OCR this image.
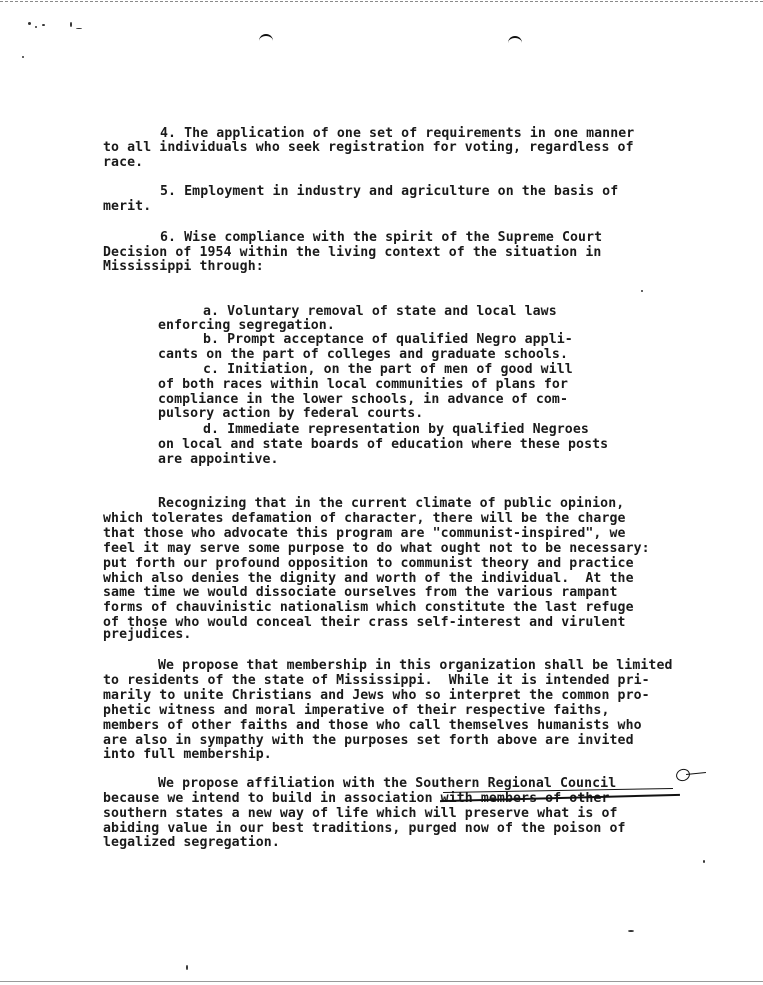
4. The application of one set of requirements in one manner
to all individuals who seek registration for voting, regardless of
race.
5. Employment in industry and agriculture on the basis of
merit.
6. Wise compliance with the spirit of the Supreme Court
Decision of 1954 within the living context of the situation in
Mississippi through:
a. Voluntary removal of state and local laws
enforcing segregation.
b. Prompt acceptance of qualified Negro appli-
cants on the part of colleges and graduate schools.
c. Initiation, on the part of men of good will
of both races within local communities of plans for
compliance in the lower schools, in advance of com-
pulsory action by federal courts.
d. Immediate representation by qualified Negroes
on local and state boards of education where these posts
are appointive.
Recognizing that in the current climate of public opinion,
which tolerates defamation of character, there will be the charge
that those who advocate this program are "communist-inspired", we
feel it may serve some purpose to do what ought not to be necessary:
put forth our profound opposition to communist theory and practice
which also denies the dignity and worth of the individual.  At the
same time we would dissociate ourselves from the various rampant
forms of chauvinistic nationalism which constitute the last refuge
of those who would conceal their crass self-interest and virulent
prejudices.
We propose that membership in this organization shall be limited
to residents of the state of Mississippi.  While it is intended pri-
marily to unite Christians and Jews who so interpret the common pro-
phetic witness and moral imperative of their respective faiths,
members of other faiths and those who call themselves humanists who
are also in sympathy with the purposes set forth above are invited
into full membership.
We propose affiliation with the Southern Regional Council
because we intend to build in association with members of other
southern states a new way of life which will preserve what is of
abiding value in our best traditions, purged now of the poison of
legalized segregation.
